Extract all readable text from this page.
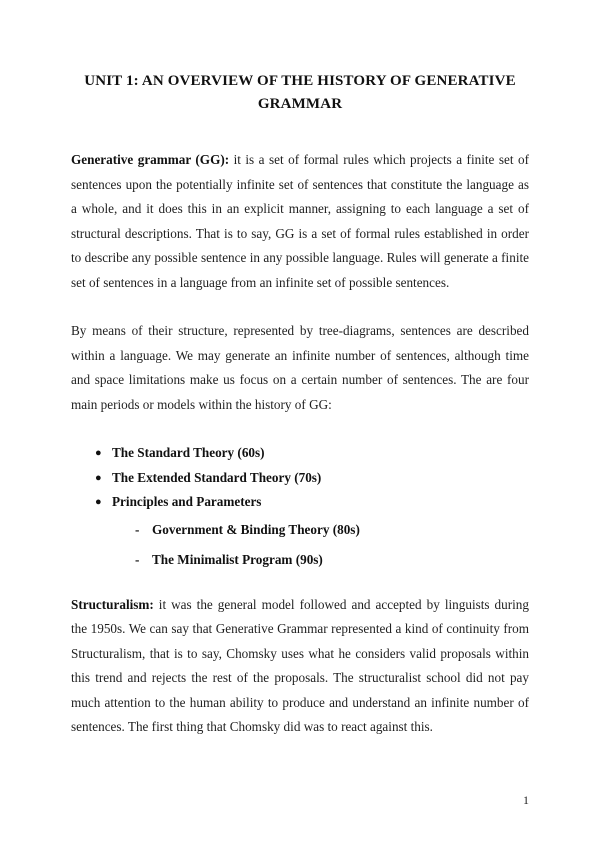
UNIT 1: AN OVERVIEW OF THE HISTORY OF GENERATIVE GRAMMAR

Generative grammar (GG): it is a set of formal rules which projects a finite set of sentences upon the potentially infinite set of sentences that constitute the language as a whole, and it does this in an explicit manner, assigning to each language a set of structural descriptions. That is to say, GG is a set of formal rules established in order to describe any possible sentence in any possible language. Rules will generate a finite set of sentences in a language from an infinite set of possible sentences.

By means of their structure, represented by tree-diagrams, sentences are described within a language. We may generate an infinite number of sentences, although time and space limitations make us focus on a certain number of sentences. The are four main periods or models within the history of GG:

● The Standard Theory (60s)
● The Extended Standard Theory (70s)
● Principles and Parameters
- Government & Binding Theory (80s)
- The Minimalist Program (90s)

Structuralism: it was the general model followed and accepted by linguists during the 1950s. We can say that Generative Grammar represented a kind of continuity from Structuralism, that is to say, Chomsky uses what he considers valid proposals within this trend and rejects the rest of the proposals. The structuralist school did not pay much attention to the human ability to produce and understand an infinite number of sentences. The first thing that Chomsky did was to react against this.

1
